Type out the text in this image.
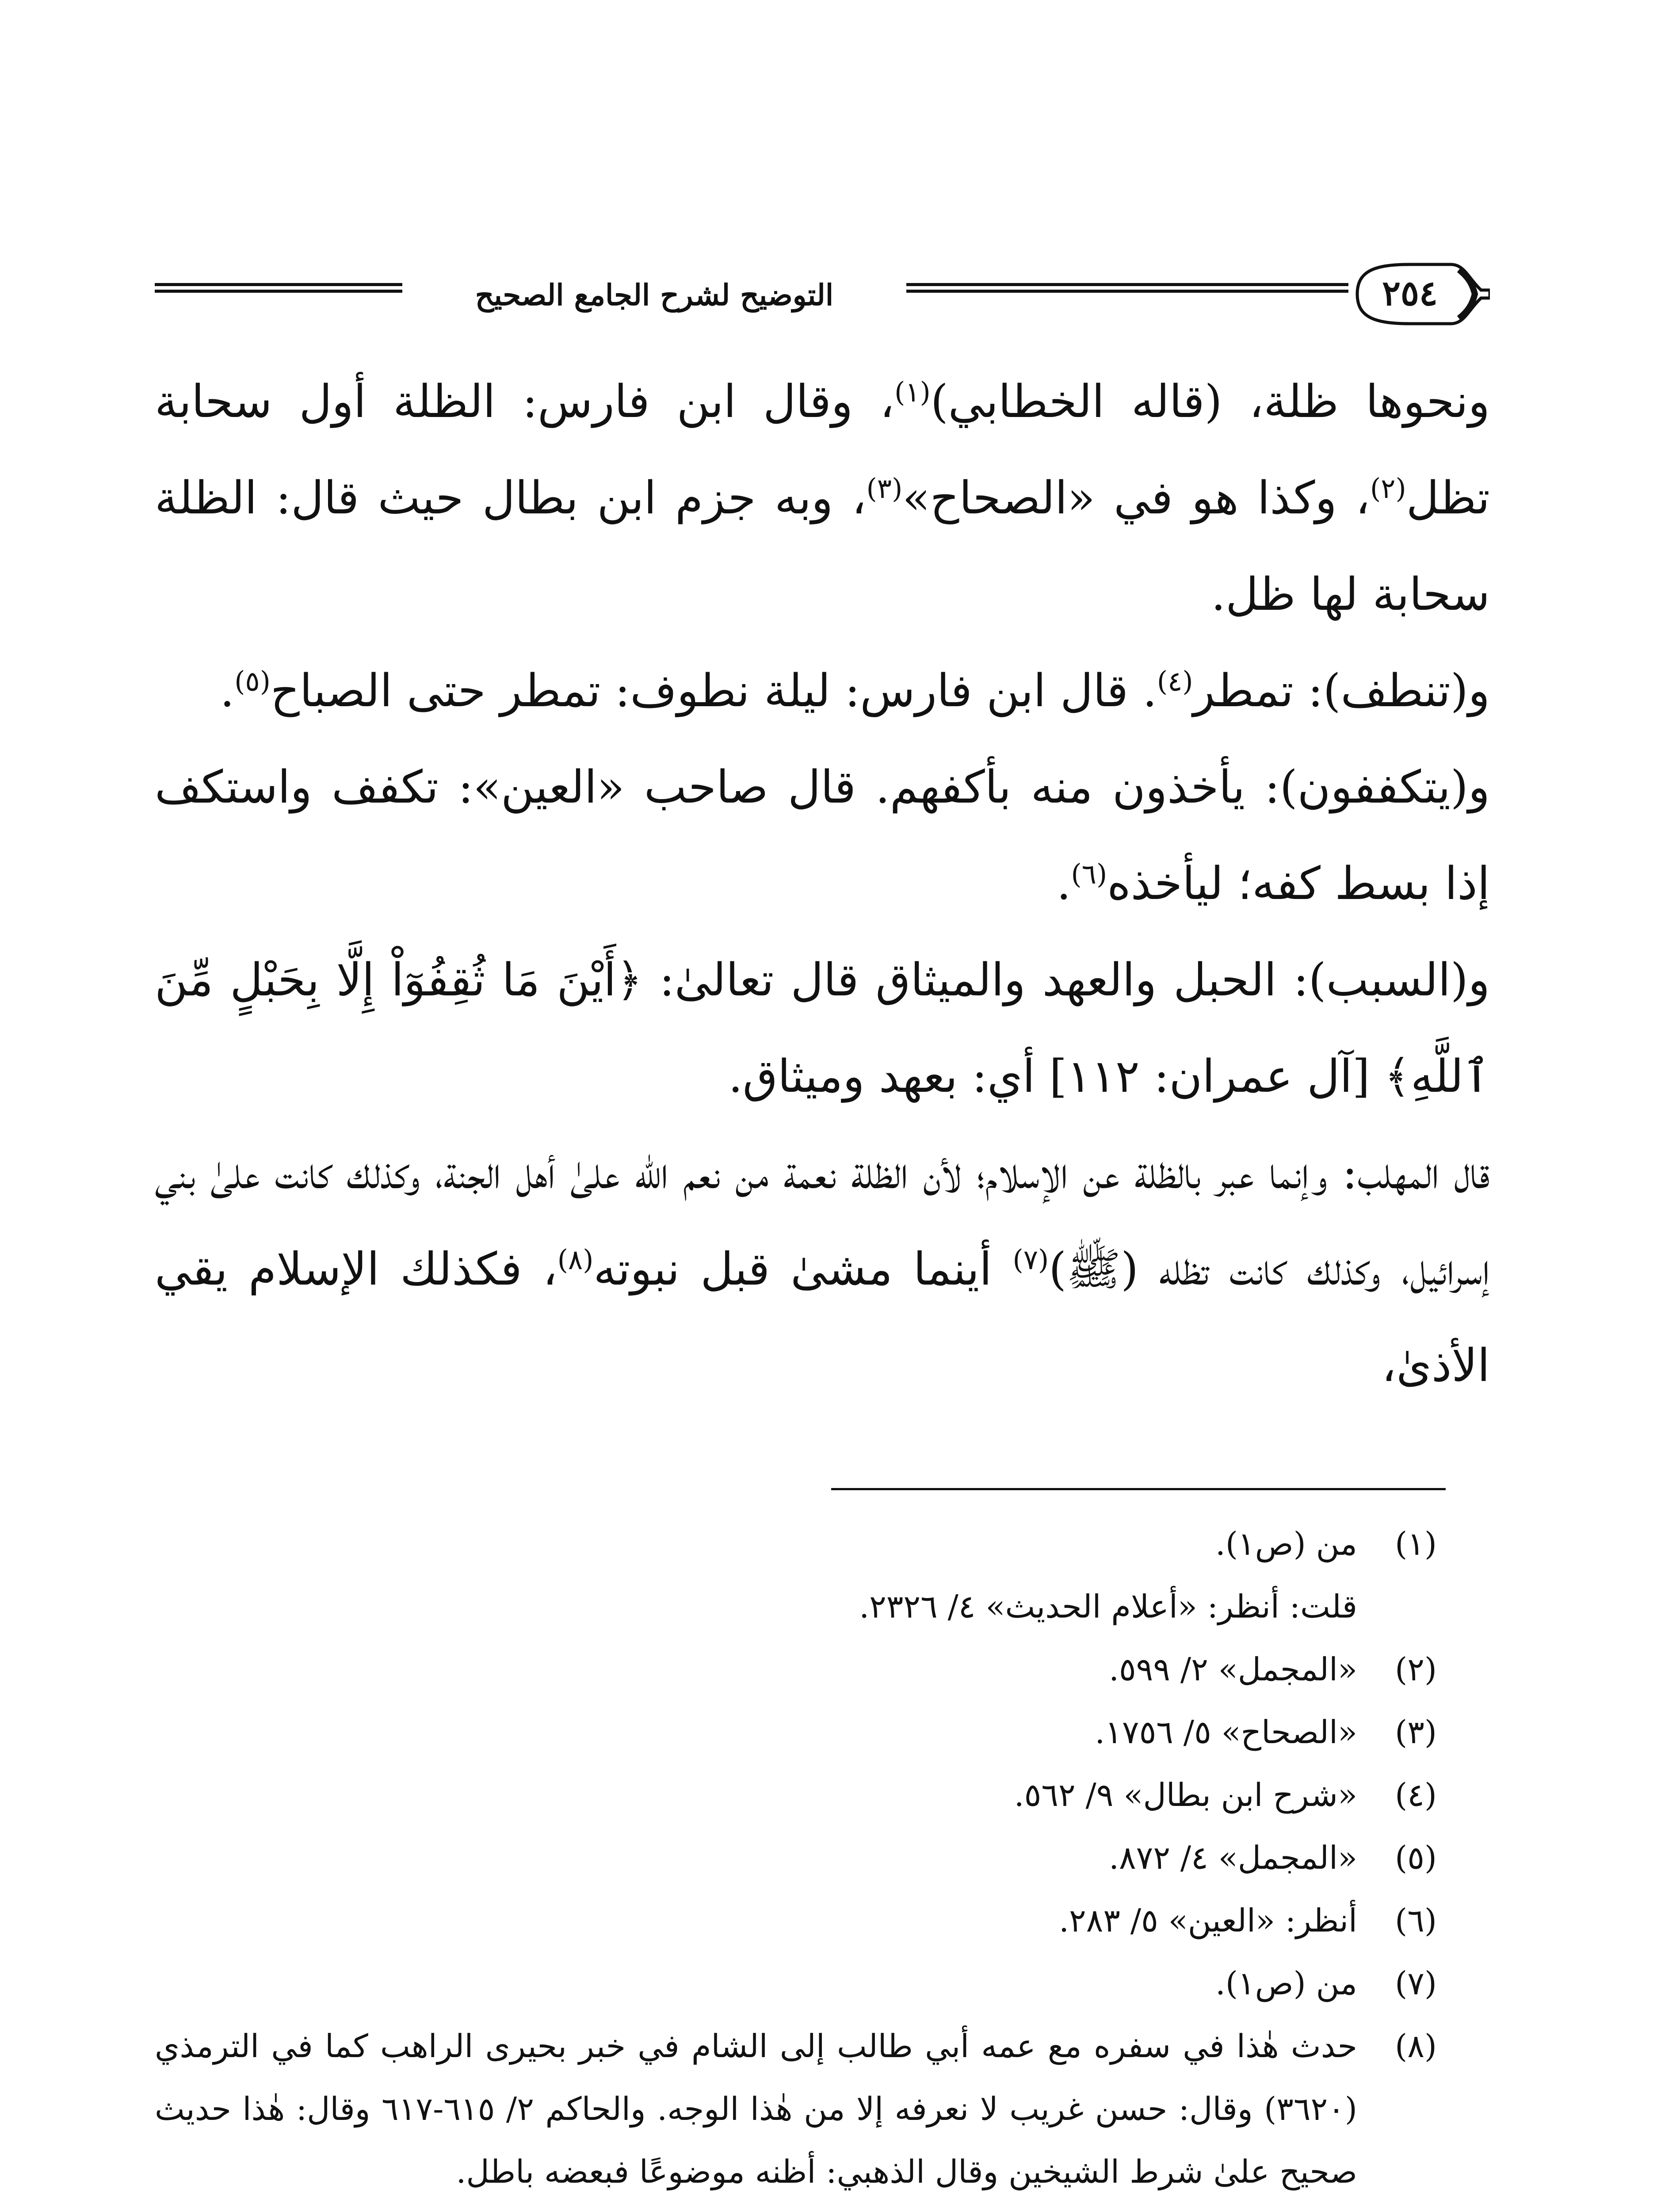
التوضيح لشرح الجامع الصحيح	٢٥٤

ونحوها ظلة، (قاله الخطابي)$^{(١)}$، وقال ابن فارس: الظلة أول سحابة تظل$^{(٢)}$، وكذا هو في «الصحاح»$^{(٣)}$، وبه جزم ابن بطال حيث قال: الظلة سحابة لها ظل.

و(تنطف): تمطر$^{(٤)}$. قال ابن فارس: ليلة نطوف: تمطر حتى الصباح$^{(٥)}$.

و(يتكففون): يأخذون منه بأكفهم. قال صاحب «العين»: تكفف واستكف إذا بسط كفه؛ ليأخذه$^{(٦)}$.

و(السبب): الحبل والعهد والميثاق قال تعالىٰ: ﴿أَيْنَ مَا ثُقِفُوٓاْ إِلَّا بِحَبْلٍ مِّنَ ٱللَّهِ﴾ [آل عمران: ١١٢] أي: بعهد وميثاق.

قال المهلب: وإنما عبر بالظلة عن الإسلام؛ لأن الظلة نعمة من نعم الله علىٰ أهل الجنة، وكذلك كانت علىٰ بني إسرائيل، وكذلك كانت تظله (ﷺ)$^{(٧)}$ أينما مشىٰ قبل نبوته$^{(٨)}$، فكذلك الإسلام يقي الأذىٰ،

(١)
من (ص١).

قلت: أنظر: «أعلام الحديث» ٤/ ٢٣٢٦.

(٢)
«المجمل» ٢/ ٥٩٩.

(٣)
«الصحاح» ٥/ ١٧٥٦.

(٤)
«شرح ابن بطال» ٩/ ٥٦٢.

(٥)
«المجمل» ٤/ ٨٧٢.

(٦)
أنظر: «العين» ٥/ ٢٨٣.

(٧)
من (ص١).

(٨)
حدث هٰذا في سفره مع عمه أبي طالب إلى الشام في خبر بحيرى الراهب كما في الترمذي (٣٦٢٠) وقال: حسن غريب لا نعرفه إلا من هٰذا الوجه. والحاكم ٢/ ٦١٥-٦١٧ وقال: هٰذا حديث صحيح علىٰ شرط الشيخين وقال الذهبي: أظنه موضوعًا فبعضه باطل.
